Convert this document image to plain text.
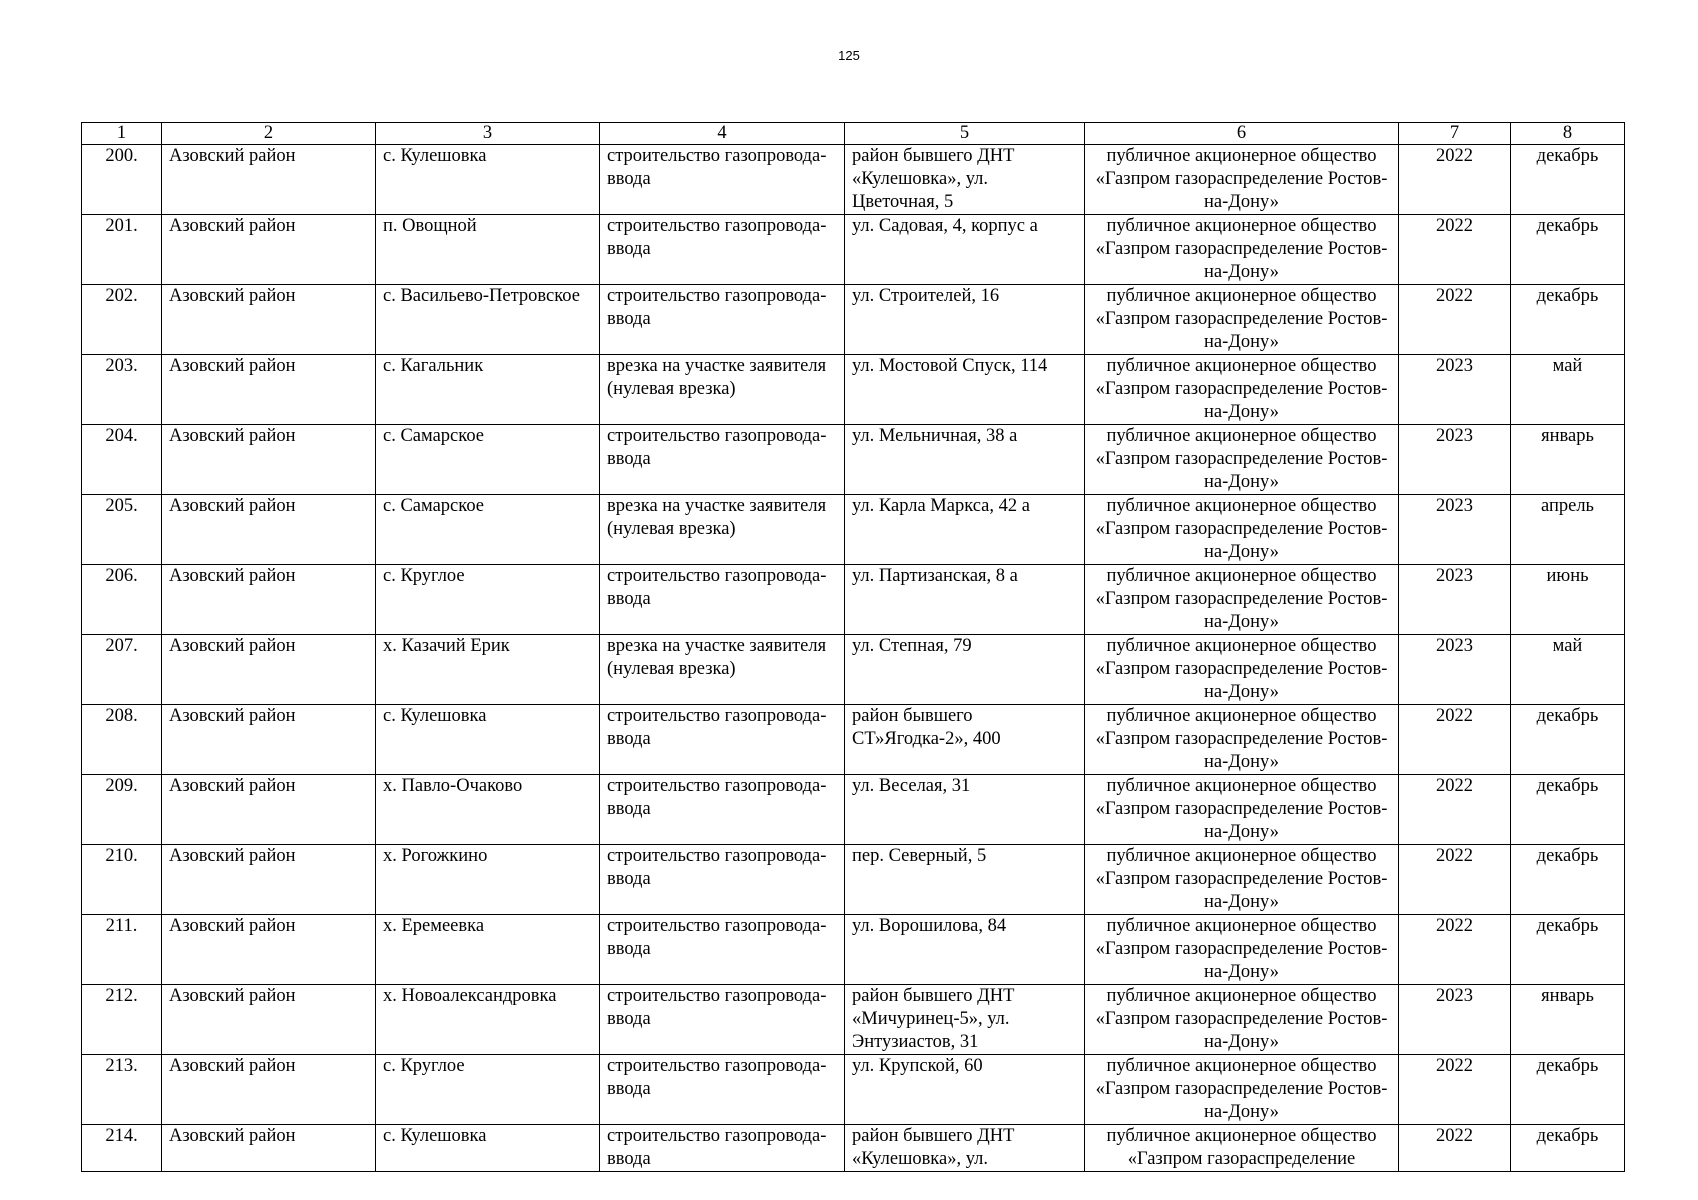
125
1	2	3	4	5	6	7	8
200.	Азовский район	с. Кулешовка	строительство газопровода-ввода	район бывшего ДНТ «Кулешовка», ул. Цветочная, 5	публичное акционерное общество «Газпром газораспределение Ростов-на-Дону»	2022	декабрь
201.	Азовский район	п. Овощной	строительство газопровода-ввода	ул. Садовая, 4, корпус а	публичное акционерное общество «Газпром газораспределение Ростов-на-Дону»	2022	декабрь
202.	Азовский район	с. Васильево-Петровское	строительство газопровода-ввода	ул. Строителей, 16	публичное акционерное общество «Газпром газораспределение Ростов-на-Дону»	2022	декабрь
203.	Азовский район	с. Кагальник	врезка на участке заявителя (нулевая врезка)	ул. Мостовой Спуск, 114	публичное акционерное общество «Газпром газораспределение Ростов-на-Дону»	2023	май
204.	Азовский район	с. Самарское	строительство газопровода-ввода	ул. Мельничная, 38 а	публичное акционерное общество «Газпром газораспределение Ростов-на-Дону»	2023	январь
205.	Азовский район	с. Самарское	врезка на участке заявителя (нулевая врезка)	ул. Карла Маркса, 42 а	публичное акционерное общество «Газпром газораспределение Ростов-на-Дону»	2023	апрель
206.	Азовский район	с. Круглое	строительство газопровода-ввода	ул. Партизанская, 8 а	публичное акционерное общество «Газпром газораспределение Ростов-на-Дону»	2023	июнь
207.	Азовский район	х. Казачий Ерик	врезка на участке заявителя (нулевая врезка)	ул. Степная, 79	публичное акционерное общество «Газпром газораспределение Ростов-на-Дону»	2023	май
208.	Азовский район	с. Кулешовка	строительство газопровода-ввода	район бывшего СТ»Ягодка-2», 400	публичное акционерное общество «Газпром газораспределение Ростов-на-Дону»	2022	декабрь
209.	Азовский район	х. Павло-Очаково	строительство газопровода-ввода	ул. Веселая, 31	публичное акционерное общество «Газпром газораспределение Ростов-на-Дону»	2022	декабрь
210.	Азовский район	х. Рогожкино	строительство газопровода-ввода	пер. Северный, 5	публичное акционерное общество «Газпром газораспределение Ростов-на-Дону»	2022	декабрь
211.	Азовский район	х. Еремеевка	строительство газопровода-ввода	ул. Ворошилова, 84	публичное акционерное общество «Газпром газораспределение Ростов-на-Дону»	2022	декабрь
212.	Азовский район	х. Новоалександровка	строительство газопровода-ввода	район бывшего ДНТ «Мичуринец-5», ул. Энтузиастов, 31	публичное акционерное общество «Газпром газораспределение Ростов-на-Дону»	2023	январь
213.	Азовский район	с. Круглое	строительство газопровода-ввода	ул. Крупской, 60	публичное акционерное общество «Газпром газораспределение Ростов-на-Дону»	2022	декабрь
214.	Азовский район	с. Кулешовка	строительство газопровода-ввода	район бывшего ДНТ «Кулешовка», ул.	публичное акционерное общество «Газпром газораспределение	2022	декабрь
